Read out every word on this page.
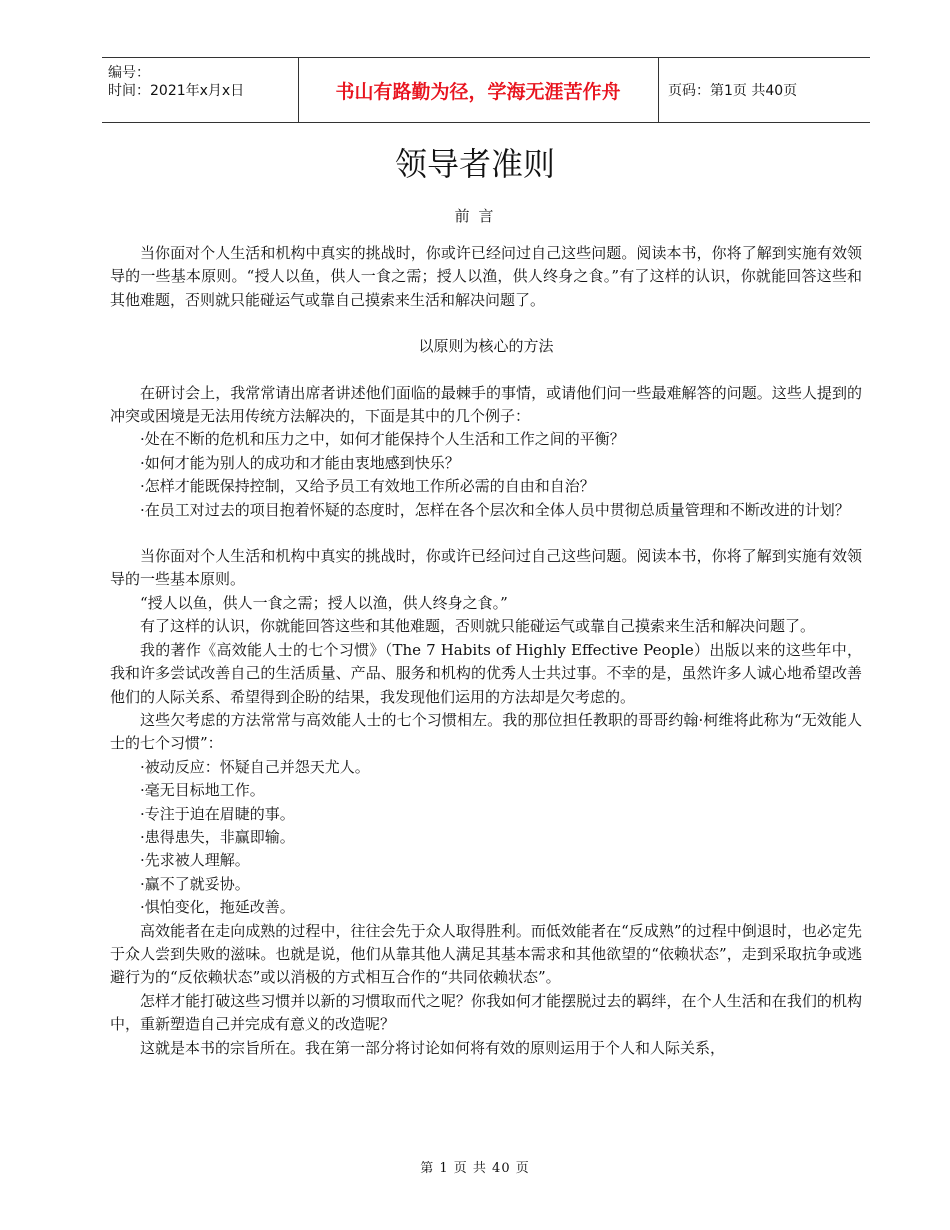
编号：
时间：2021年x月x日	书山有路勤为径，学海无涯苦作舟	页码：第1页 共40页
领导者准则
前 言

当你面对个人生活和机构中真实的挑战时，你或许已经问过自己这些问题。阅读本书，你将了解到实施有效领导的一些基本原则。“授人以鱼，供人一食之需；授人以渔，供人终身之食。”有了这样的认识，你就能回答这些和其他难题，否则就只能碰运气或靠自己摸索来生活和解决问题了。

以原则为核心的方法

在研讨会上，我常常请出席者讲述他们面临的最棘手的事情，或请他们问一些最难解答的问题。这些人提到的冲突或困境是无法用传统方法解决的，下面是其中的几个例子：

·处在不断的危机和压力之中，如何才能保持个人生活和工作之间的平衡？

·如何才能为别人的成功和才能由衷地感到快乐？

·怎样才能既保持控制，又给予员工有效地工作所必需的自由和自治？

·在员工对过去的项目抱着怀疑的态度时，怎样在各个层次和全体人员中贯彻总质量管理和不断改进的计划？

当你面对个人生活和机构中真实的挑战时，你或许已经问过自己这些问题。阅读本书，你将了解到实施有效领导的一些基本原则。

“授人以鱼，供人一食之需；授人以渔，供人终身之食。”

有了这样的认识，你就能回答这些和其他难题，否则就只能碰运气或靠自己摸索来生活和解决问题了。

我的著作《高效能人士的七个习惯》（The 7 Habits of Highly Effective People）出版以来的这些年中，我和许多尝试改善自己的生活质量、产品、服务和机构的优秀人士共过事。不幸的是，虽然许多人诚心地希望改善他们的人际关系、希望得到企盼的结果，我发现他们运用的方法却是欠考虑的。

这些欠考虑的方法常常与高效能人士的七个习惯相左。我的那位担任教职的哥哥约翰·柯维将此称为“无效能人士的七个习惯”：

·被动反应：怀疑自己并怨天尤人。

·毫无目标地工作。

·专注于迫在眉睫的事。

·患得患失，非赢即输。

·先求被人理解。

·赢不了就妥协。

·惧怕变化，拖延改善。

高效能者在走向成熟的过程中，往往会先于众人取得胜利。而低效能者在“反成熟”的过程中倒退时，也必定先于众人尝到失败的滋味。也就是说，他们从靠其他人满足其基本需求和其他欲望的“依赖状态”，走到采取抗争或逃避行为的“反依赖状态”或以消极的方式相互合作的“共同依赖状态”。

怎样才能打破这些习惯并以新的习惯取而代之呢？你我如何才能摆脱过去的羁绊，在个人生活和在我们的机构中，重新塑造自己并完成有意义的改造呢？

这就是本书的宗旨所在。我在第一部分将讨论如何将有效的原则运用于个人和人际关系，

第 1 页 共 40 页
